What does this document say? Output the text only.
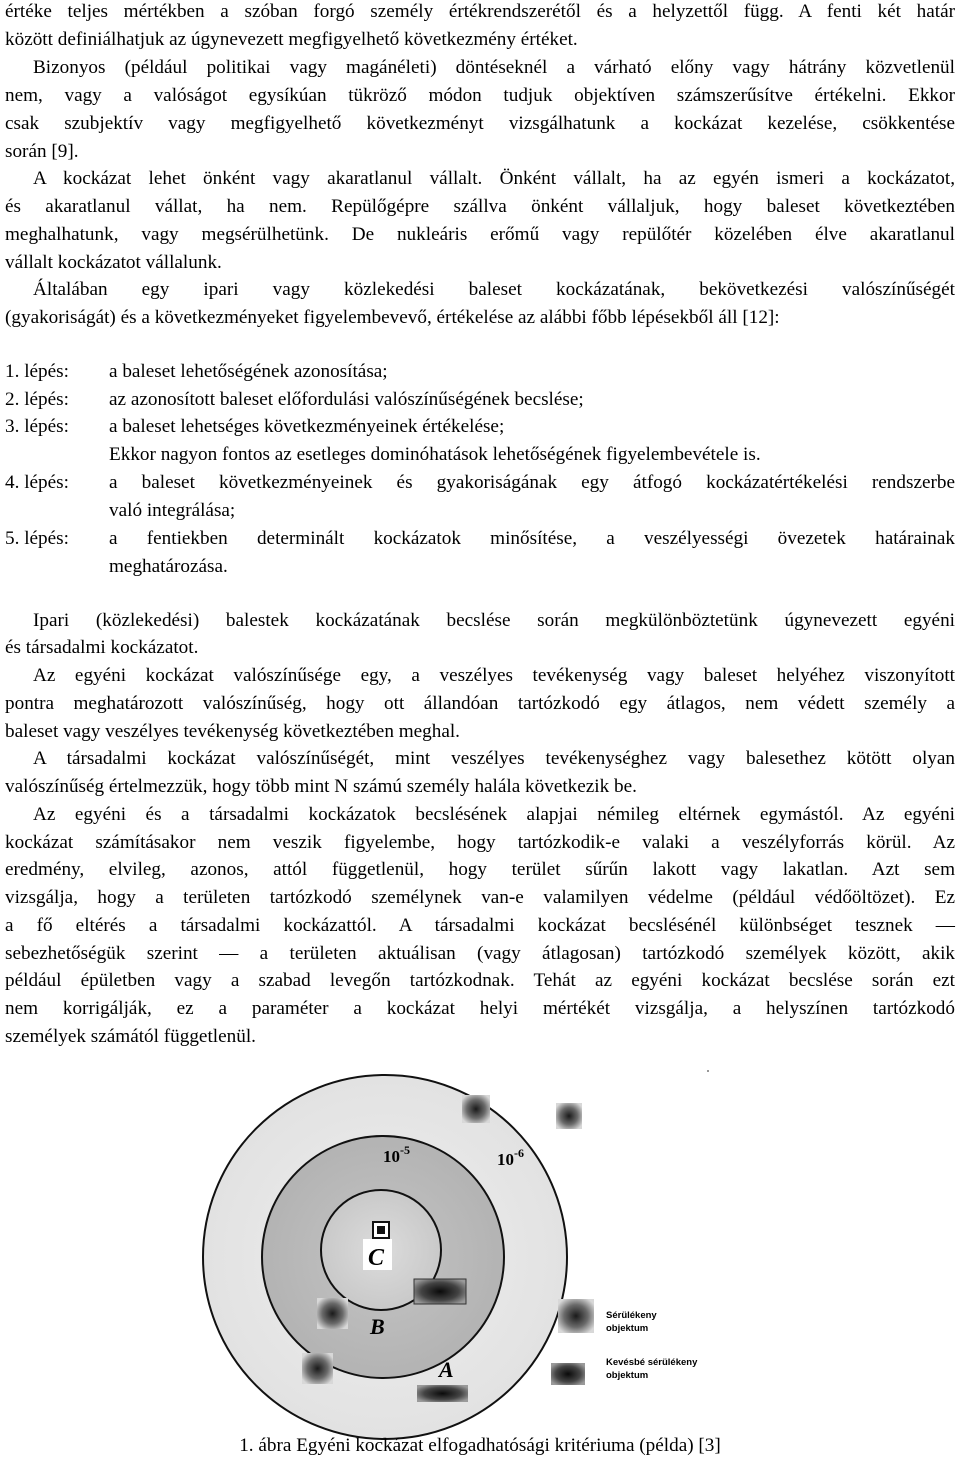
értéke teljes mértékben a szóban forgó személy értékrendszerétől és a helyzettől függ. A fenti két határ
között definiálhatjuk az úgynevezett megfigyelhető következmény értéket.
Bizonyos (például politikai vagy magánéleti) döntéseknél a várható előny vagy hátrány közvetlenül
nem, vagy a valóságot egysíkúan tükröző módon tudjuk objektíven számszerűsítve értékelni. Ekkor
csak szubjektív vagy megfigyelhető következményt vizsgálhatunk a kockázat kezelése, csökkentése
során [9].
A kockázat lehet önként vagy akaratlanul vállalt. Önként vállalt, ha az egyén ismeri a kockázatot,
és akaratlanul vállat, ha nem. Repülőgépre szállva önként vállaljuk, hogy baleset következtében
meghalhatunk, vagy megsérülhetünk. De nukleáris erőmű vagy repülőtér közelében élve akaratlanul
vállalt kockázatot vállalunk.
Általában egy ipari vagy közlekedési baleset kockázatának, bekövetkezési valószínűségét
(gyakoriságát) és a következményeket figyelembevevő, értékelése az alábbi főbb lépésekből áll [12]:
1. lépés: a baleset lehetőségének azonosítása;
2. lépés: az azonosított baleset előfordulási valószínűségének becslése;
3. lépés: a baleset lehetséges következményeinek értékelése;
Ekkor nagyon fontos az esetleges dominóhatások lehetőségének figyelembevétele is.
4. lépés: a baleset következményeinek és gyakoriságának egy átfogó kockázatértékelési rendszerbe
való integrálása;
5. lépés: a fentiekben determinált kockázatok minősítése, a veszélyességi övezetek határainak
meghatározása.
Ipari (közlekedési) balestek kockázatának becslése során megkülönböztetünk úgynevezett egyéni
és társadalmi kockázatot.
Az egyéni kockázat valószínűsége egy, a veszélyes tevékenység vagy baleset helyéhez viszonyított
pontra meghatározott valószínűség, hogy ott állandóan tartózkodó egy átlagos, nem védett személy a
baleset vagy veszélyes tevékenység következtében meghal.
A társadalmi kockázat valószínűségét, mint veszélyes tevékenységhez vagy balesethez kötött olyan
valószínűség értelmezzük, hogy több mint N számú személy halála következik be.
Az egyéni és a társadalmi kockázatok becslésének alapjai némileg eltérnek egymástól. Az egyéni
kockázat számításakor nem veszik figyelembe, hogy tartózkodik-e valaki a veszélyforrás körül. Az
eredmény, elvileg, azonos, attól függetlenül, hogy terület sűrűn lakott vagy lakatlan. Azt sem
vizsgálja, hogy a területen tartózkodó személynek van-e valamilyen védelme (például védőöltözet). Ez
a fő eltérés a társadalmi kockázattól. A társadalmi kockázat becslésénél különbséget tesznek —
sebezhetőségük szerint — a területen aktuálisan (vagy átlagosan) tartózkodó személyek között, akik
például épületben vagy a szabad levegőn tartózkodnak. Tehát az egyéni kockázat becslése során ezt
nem korrigálják, ez a paraméter a kockázat helyi mértékét vizsgálja, a helyszínen tartózkodó
személyek számától függetlenül.
$10^{-5}$	$10^{-6}$
C
B
A
Sérülékeny
objektum
Kevésbé sérülékeny
objektum
1. ábra Egyéni kockázat elfogadhatósági kritériuma (példa) [3]
